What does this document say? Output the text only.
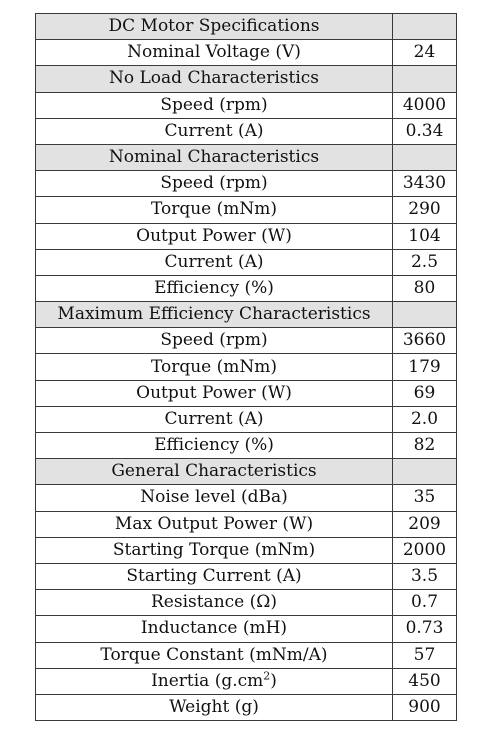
DC Motor Specifications	
Nominal Voltage (V)	24
No Load Characteristics	
Speed (rpm)	4000
Current (A)	0.34
Nominal Characteristics	
Speed (rpm)	3430
Torque (mNm)	290
Output Power (W)	104
Current (A)	2.5
Efficiency (%)	80
Maximum Efficiency Characteristics	
Speed (rpm)	3660
Torque (mNm)	179
Output Power (W)	69
Current (A)	2.0
Efficiency (%)	82
General Characteristics	
Noise level (dBa)	35
Max Output Power (W)	209
Starting Torque (mNm)	2000
Starting Current (A)	3.5
Resistance (Ω)	0.7
Inductance (mH)	0.73
Torque Constant (mNm/A)	57
Inertia $(g.cm^2)$	450
Weight (g)	900
